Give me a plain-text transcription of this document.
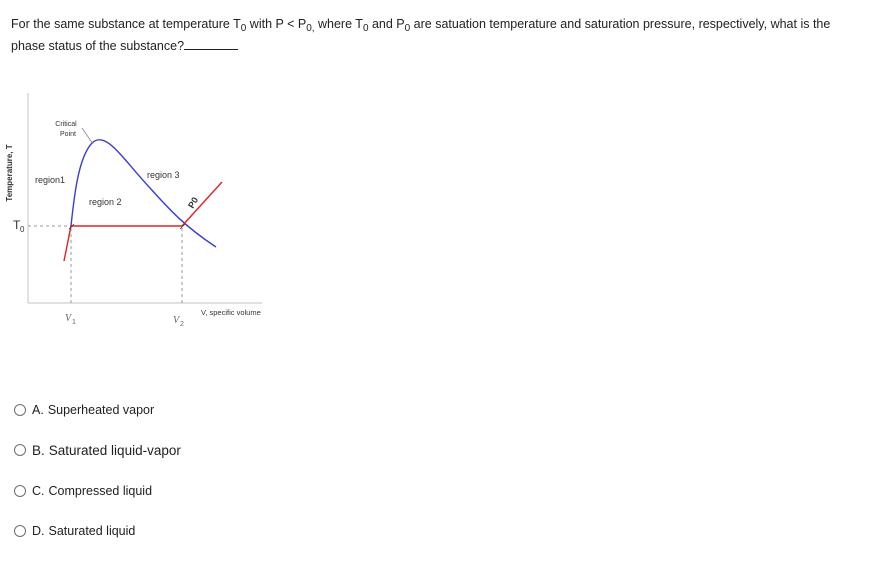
For the same substance at temperature $T_0$ with $P < P_{0,}$ where $T_0$ and $P_0$ are satuation temperature and saturation pressure, respectively, what is the phase status of the substance?
Temperature, T
T 0
Critical
Point
region1
region 2
region 3
P0
V 1	V 2
V, specific volume
A. Superheated vapor
B. Saturated liquid-vapor
C. Compressed liquid
D. Saturated liquid
